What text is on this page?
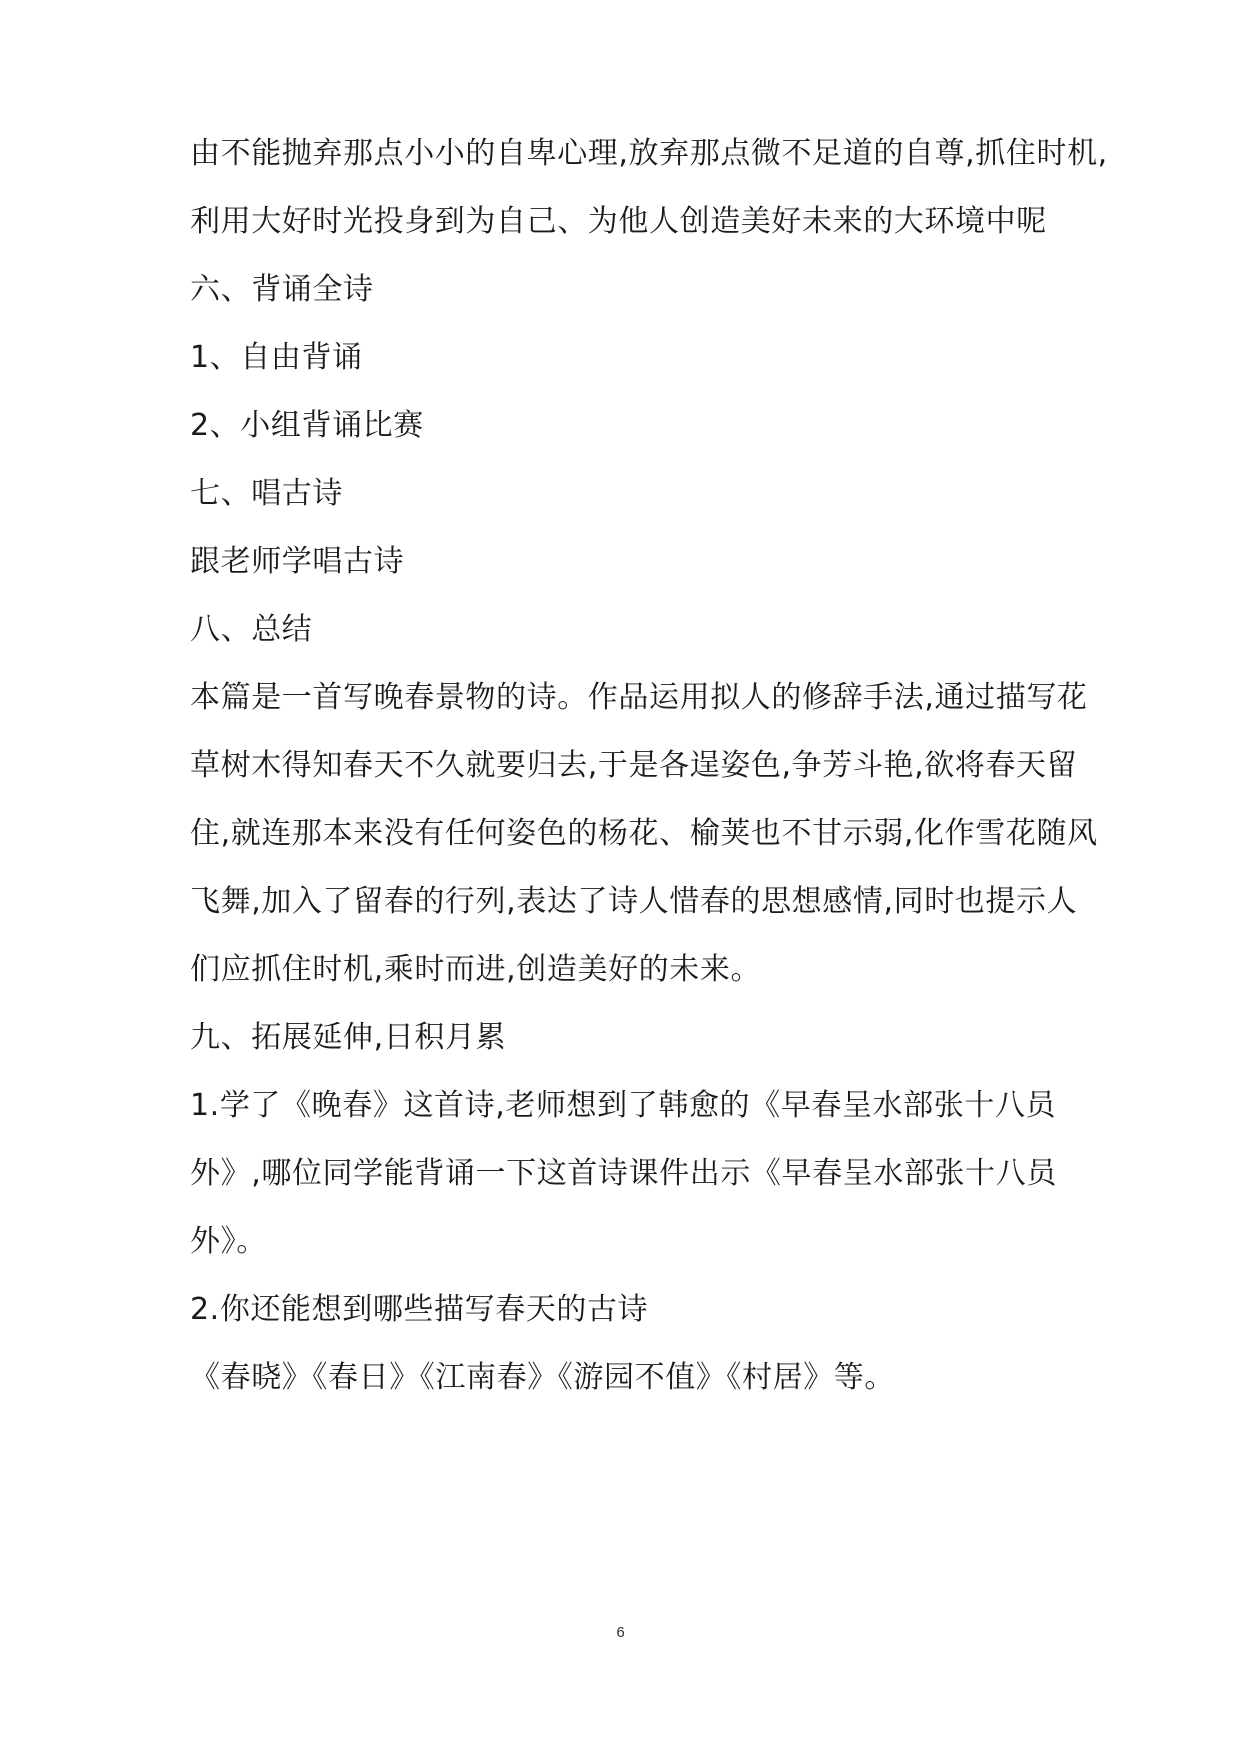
由不能抛弃那点小小的自卑心理,放弃那点微不足道的自尊,抓住时机,
利用大好时光投身到为自己、为他人创造美好未来的大环境中呢
六、背诵全诗
1、自由背诵
2、小组背诵比赛
七、唱古诗
跟老师学唱古诗
八、总结
本篇是一首写晚春景物的诗。作品运用拟人的修辞手法,通过描写花
草树木得知春天不久就要归去,于是各逞姿色,争芳斗艳,欲将春天留
住,就连那本来没有任何姿色的杨花、榆荚也不甘示弱,化作雪花随风
飞舞,加入了留春的行列,表达了诗人惜春的思想感情,同时也提示人
们应抓住时机,乘时而进,创造美好的未来。
九、拓展延伸,日积月累
1.学了《晚春》这首诗,老师想到了韩愈的《早春呈水部张十八员
外》,哪位同学能背诵一下这首诗课件出示《早春呈水部张十八员
外》。
2.你还能想到哪些描写春天的古诗
《春晓》《春日》《江南春》《游园不值》《村居》等。
6
